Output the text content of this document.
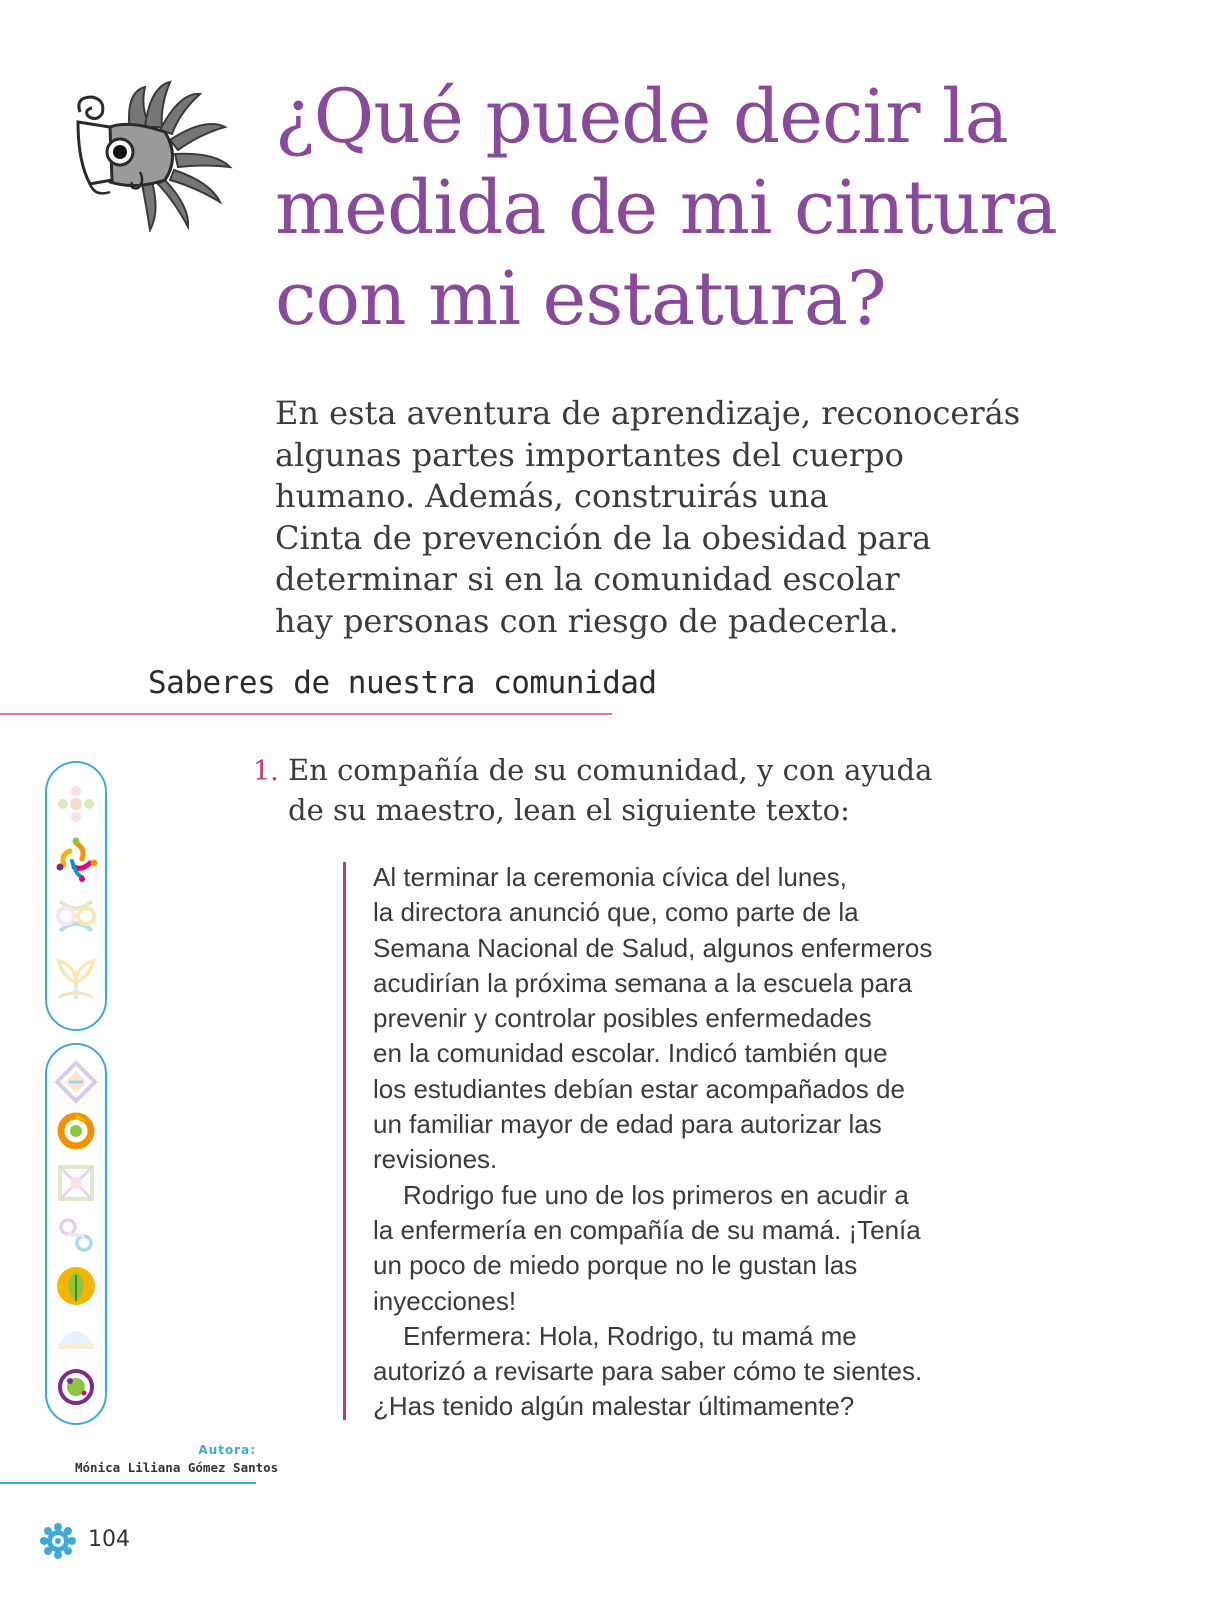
¿Qué puede decir la
medida de mi cintura
con mi estatura?
En esta aventura de aprendizaje, reconocerás
algunas partes importantes del cuerpo
humano. Además, construirás una
Cinta de prevención de la obesidad para
determinar si en la comunidad escolar
hay personas con riesgo de padecerla.
Saberes de nuestra comunidad
1. En compañía de su comunidad, y con ayuda
de su maestro, lean el siguiente texto:
Al terminar la ceremonia cívica del lunes,
la directora anunció que, como parte de la
Semana Nacional de Salud, algunos enfermeros
acudirían la próxima semana a la escuela para
prevenir y controlar posibles enfermedades
en la comunidad escolar. Indicó también que
los estudiantes debían estar acompañados de
un familiar mayor de edad para autorizar las
revisiones.
Rodrigo fue uno de los primeros en acudir a
la enfermería en compañía de su mamá. ¡Tenía
un poco de miedo porque no le gustan las
inyecciones!
Enfermera: Hola, Rodrigo, tu mamá me
autorizó a revisarte para saber cómo te sientes.
¿Has tenido algún malestar últimamente?
Autora:
Mónica Liliana Gómez Santos
104
